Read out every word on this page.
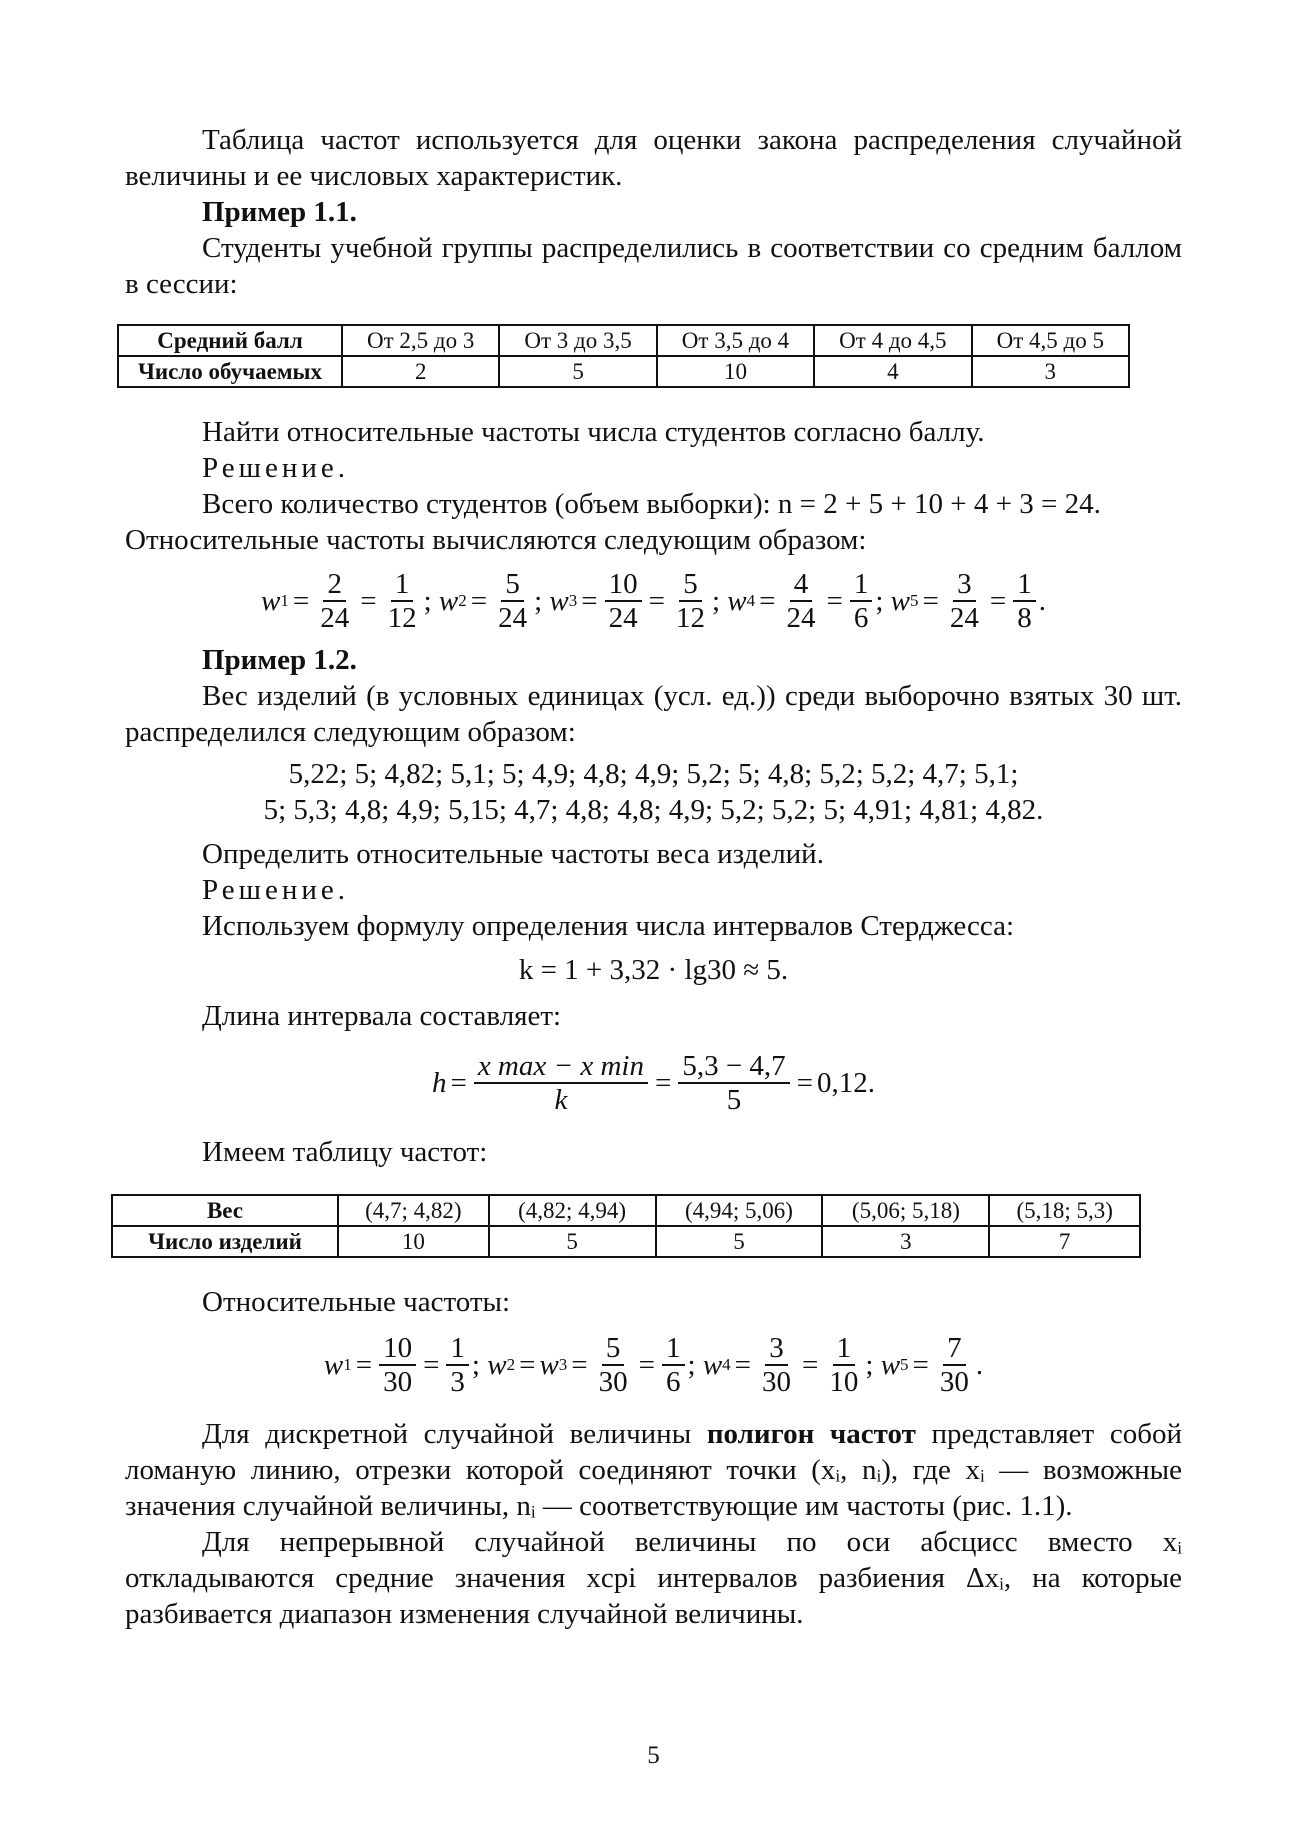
Таблица частот используется для оценки закона распределения случайной величины и ее числовых характеристик.

Пример 1.1.

Студенты учебной группы распределились в соответствии со средним баллом в сессии:

Средний балл	От 2,5 до 3	От 3 до 3,5	От 3,5 до 4	От 4 до 4,5	От 4,5 до 5
Число обучаемых	2	5	10	4	3

Найти относительные частоты числа студентов согласно баллу.

Решение.

Всего количество студентов (объем выборки): n = 2 + 5 + 10 + 4 + 3 = 24.

Относительные частоты вычисляются следующим образом:

w $1 = \frac{2}{24} = \frac{1}{12}$ ; w $2 = \frac{5}{24}$ ; w $3 = \frac{10}{24} = \frac{5}{12}$ ; w $4 = \frac{4}{24} = \frac{1}{6}$ ; w $5 = \frac{3}{24} = \frac{1}{8}$ .

Пример 1.2.

Вес изделий (в условных единицах (усл. ед.)) среди выборочно взятых 30 шт. распределился следующим образом:

5,22; 5; 4,82; 5,1; 5; 4,9; 4,8; 4,9; 5,2; 5; 4,8; 5,2; 5,2; 4,7; 5,1;

5; 5,3; 4,8; 4,9; 5,15; 4,7; 4,8; 4,8; 4,9; 5,2; 5,2; 5; 4,91; 4,81; 4,82.

Определить относительные частоты веса изделий.

Решение.

Используем формулу определения числа интервалов Стерджесса:

k = 1 + 3,32 · lg30 ≈ 5.

Длина интервала составляет:

$h = \frac{\text{x max − x min}}{k} = \frac{5,3 - 4,7}{5} = 0,12$.

Имеем таблицу частот:

Вес	(4,7; 4,82)	(4,82; 4,94)	(4,94; 5,06)	(5,06; 5,18)	(5,18; 5,3)
Число изделий	10	5	5	3	7

Относительные частоты:

w $1 = \frac{10}{30} = \frac{1}{3}$ ; w 2 = w $3 = \frac{5}{30} = \frac{1}{6}$ ; w $4 = \frac{3}{30} = \frac{1}{10}$ ; w $5 = \frac{7}{30}$ .

Для дискретной случайной величины полигон частот представляет собой ломаную линию, отрезки которой соединяют точки (xᵢ, nᵢ), где xᵢ — возможные значения случайной величины, nᵢ — соответствующие им частоты (рис. 1.1).

Для непрерывной случайной величины по оси абсцисс вместо xᵢ откладываются средние значения xсрi интервалов разбиения Δxᵢ, на которые разбивается диапазон изменения случайной величины.

5
